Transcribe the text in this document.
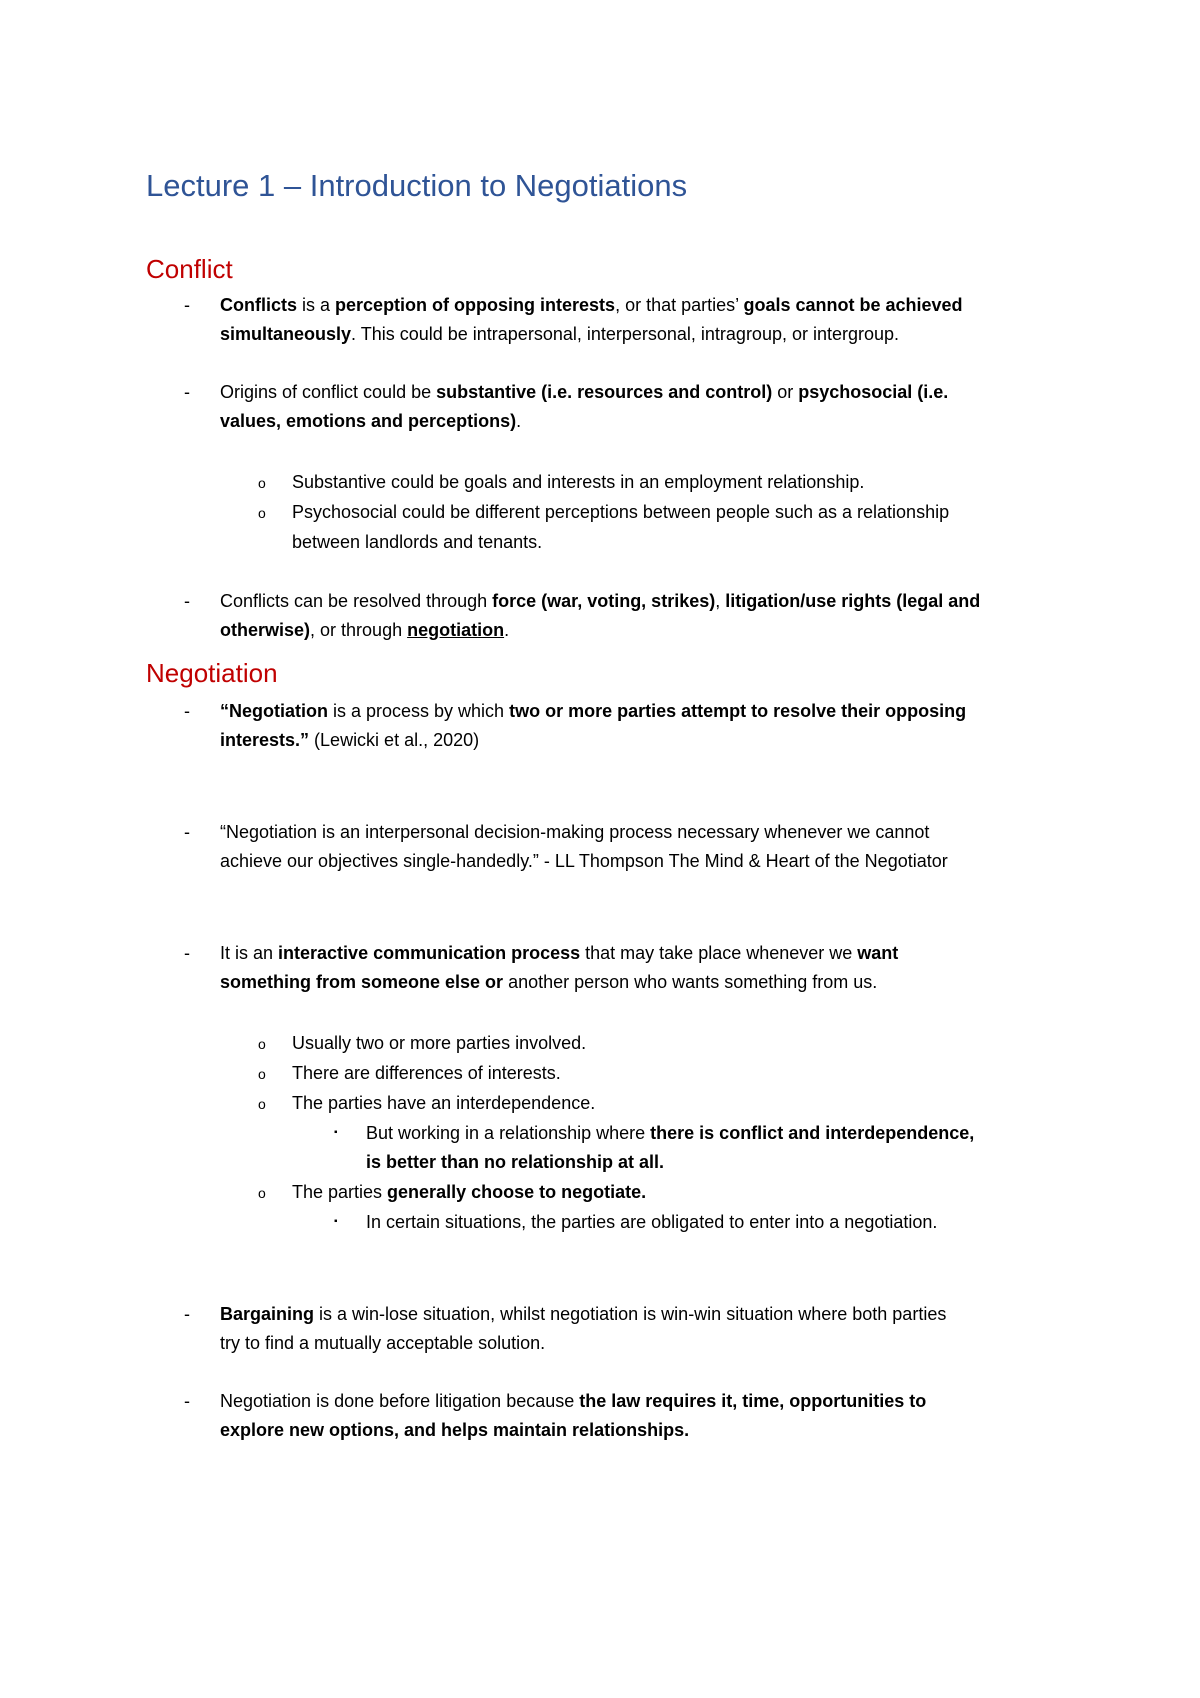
Lecture 1 – Introduction to Negotiations
Conflict
- Conflicts is a perception of opposing interests, or that parties’ goals cannot be achieved
simultaneously. This could be intrapersonal, interpersonal, intragroup, or intergroup.
- Origins of conflict could be substantive (i.e. resources and control) or psychosocial (i.e.
values, emotions and perceptions).
o Substantive could be goals and interests in an employment relationship.
o Psychosocial could be different perceptions between people such as a relationship
between landlords and tenants.
- Conflicts can be resolved through force (war, voting, strikes), litigation/use rights (legal and
otherwise), or through negotiation.
Negotiation
- “Negotiation is a process by which two or more parties attempt to resolve their opposing
interests.” (Lewicki et al., 2020)
- “Negotiation is an interpersonal decision-making process necessary whenever we cannot
achieve our objectives single-handedly.” - LL Thompson The Mind & Heart of the Negotiator
- It is an interactive communication process that may take place whenever we want
something from someone else or another person who wants something from us.
o Usually two or more parties involved.
o There are differences of interests.
o The parties have an interdependence.
▪ But working in a relationship where there is conflict and interdependence,
is better than no relationship at all.
o The parties generally choose to negotiate.
▪ In certain situations, the parties are obligated to enter into a negotiation.
- Bargaining is a win-lose situation, whilst negotiation is win-win situation where both parties
try to find a mutually acceptable solution.
- Negotiation is done before litigation because the law requires it, time, opportunities to
explore new options, and helps maintain relationships.
